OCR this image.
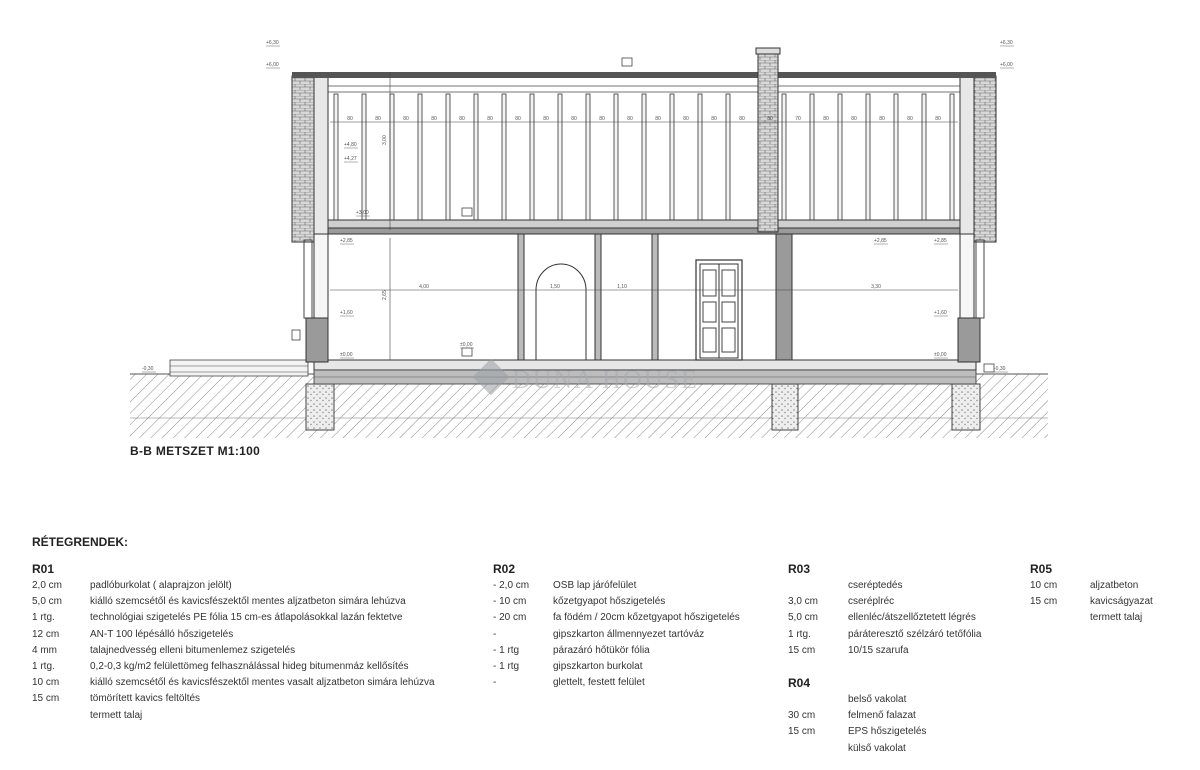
80	80	80	80	80	80	80	80	80	80	80	80	80	80	80	80	70	80	80	80	80	80
4,00	1,50	1,10	3,30
3,00
2,65
+6,30
+6,00
+6,30
+6,00
+4,80
+4,27
+3,00
+2,85	+2,85	+2,85
+1,60	+1,60
±0,00
±0,00
±0,00
-0,30	-0,30
DUNA HOUSE
B-B METSZET M1:100
RÉTEGRENDEK:
R01
2,0 cm	padlóburkolat ( alaprajzon jelölt)
5,0 cm	kiálló szemcsétől és kavicsfészektől mentes aljzatbeton simára lehúzva
1 rtg.	technológiai szigetelés PE fólia 15 cm-es átlapolásokkal lazán fektetve
12 cm	AN-T 100 lépésálló hőszigetelés
4 mm	talajnedvesség elleni bitumenlemez szigetelés
1 rtg.	0,2-0,3 kg/m2 felülettömeg felhasználással hideg bitumenmáz kellősítés
10 cm	kiálló szemcsétől és kavicsfészektől mentes vasalt aljzatbeton simára lehúzva
15 cm	tömörített kavics feltöltés
termett talaj
R02
- 2,0 cm OSB lap járófelület
- 10 cm	kőzetgyapot hőszigetelés
- 20 cm	fa födém / 20cm kőzetgyapot hőszigetelés
-	gipszkarton állmennyezet tartóváz
- 1 rtg	párazáró hőtükör fólia
- 1 rtg	gipszkarton burkolat
-	glettelt, festett felület
R03
cseréptedés
3,0 cm	cseréplréc
5,0 cm	ellenléc/átszellőztetett légrés
1 rtg.	páráteresztő szélzáró tetőfólia
15 cm	10/15 szarufa
R04
belső vakolat
30 cm	felmenő falazat
15 cm	EPS hőszigetelés
külső vakolat
R05
10 cm	aljzatbeton
15 cm	kavicságyazat
termett talaj
